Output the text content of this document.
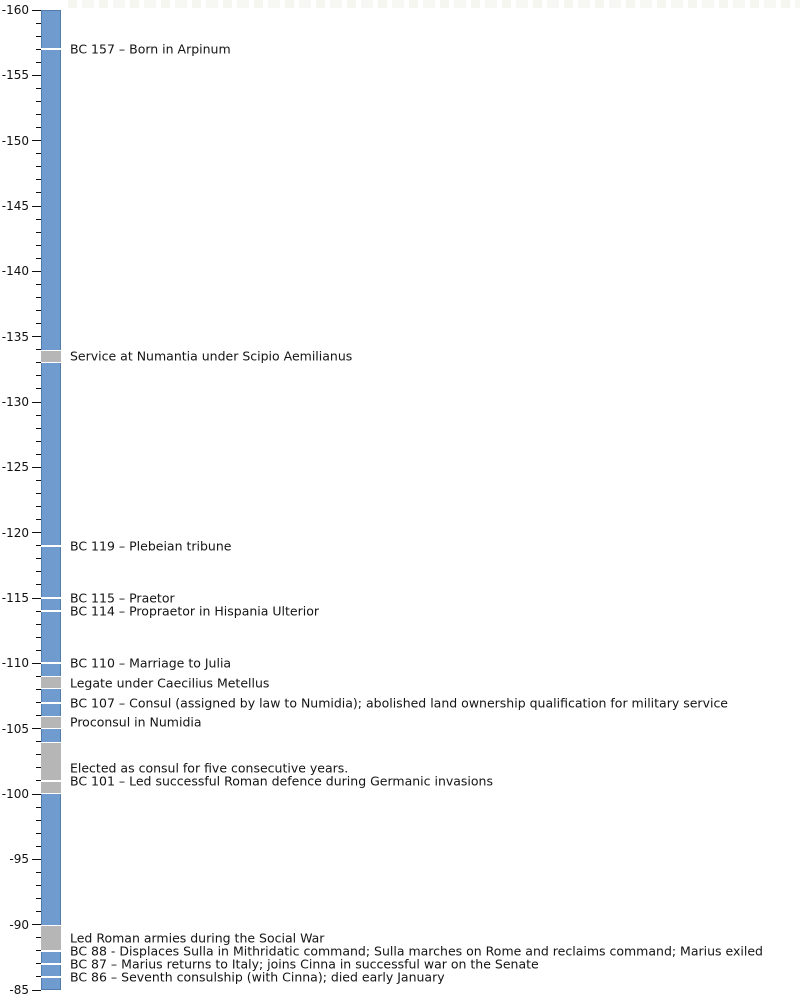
-160
-155
-150
-145
-140
-135
-130
-125
-120
-115
-110
-105
-100
-95
-90
-85
Service at Numantia under Scipio Aemilianus
Legate under Caecilius Metellus
Proconsul in Numidia
Elected as consul for five consecutive years.
Led Roman armies during the Social War
BC 157 – Born in Arpinum
BC 119 – Plebeian tribune
BC 115 – Praetor
BC 114 – Propraetor in Hispania Ulterior
BC 110 – Marriage to Julia
BC 107 – Consul (assigned by law to Numidia); abolished land ownership qualification for military service
BC 101 – Led successful Roman defence during Germanic invasions
BC 88 - Displaces Sulla in Mithridatic command; Sulla marches on Rome and reclaims command; Marius exiled
BC 87 – Marius returns to Italy; joins Cinna in successful war on the Senate
BC 86 – Seventh consulship (with Cinna); died early January
